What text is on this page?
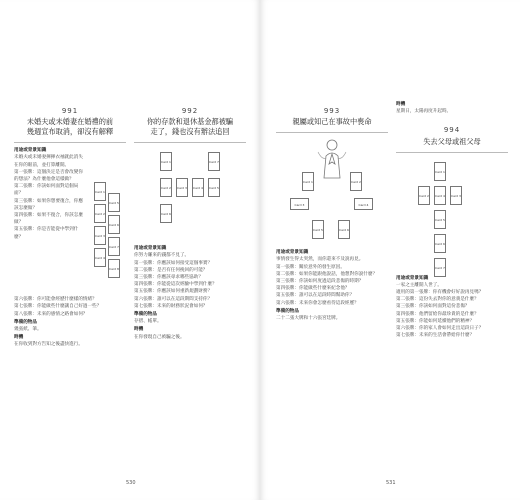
991
未婚夫或未婚妻在婚禮的前
幾週宣布取消，卻沒有解釋
用途或背景知識

未婚夫或未婚妻揮揮衣袖就此消失在你的眼前，並打算離開。

第一張牌：這個決定是否會改變你的想法？為什麼他會這樣做？

第二張牌：你該如何面對這個局面？

第三張牌：如果你想要復合，你應該怎麼做？

第四張牌：如果不復合，你該怎麼做？

第五張牌：你是否能從中學到什麼？

Card 1
Card 2
Card 3
Card 4
Card 5
Card 6
Card 7
Card 8

第六張牌：你可能會經歷什麼樣的情緒？

第七張牌：你能做些什麼讓自己好過一些？

第八張牌：未來的感情之路會如何？

準備的物品

幾張紙、筆。

時機

在你收到對方告知之後盡快進行。

992
你的存款和退休基金都被騙
走了，錢也沒有辦法追回
Card 1
Card 2	Card 3	Card 4	Card 5
Card 6
Card 7
用途或背景知識

你努力賺來的錢都不見了。

第一張牌：你應該如何接受這個事實？

第二張牌：是否有任何挽回的可能？

第三張牌：你應該尋求哪些協助？

第四張牌：你能從這次經驗中學到什麼？

第五張牌：你應該如何重新規劃財務？

第六張牌：誰可以在這段期間支持你？

第七張牌：未來的財務狀況會如何？

準備的物品

存摺、帳單。

時機

在你發現自己被騙之後。

530
993
親屬或知己在事故中喪命
Card 1	Card 2
Card 3	Card 4
Card 5	Card 6
用途或背景知識

事情發生得太突然，而你還來不及說再見。

第一張牌：關於意外的發生原因。

第二張牌：如果你能跟他說話，他想對你說什麼？

第三張牌：你該如何度過這段悲傷的時期？

第四張牌：你能做些什麼來紀念他？

第五張牌：誰可以在這段時間幫助你？

第六張牌：未來你會怎麼看待這段經歷？

準備的物品

二十二張大牌和十六張宮廷牌。

時機

星期日，太陽再度升起時。

994
失去父母或祖父母
Card 1
Card 2	Card 3
Card 4
Card 5
Card 6
Card 7
用途或背景知識

一家之主離開人世了。

適用的第一張牌：你有機會好好說再見嗎？

第二張牌：這份失去對你的意義是什麼？

第三張牌：你該如何面對這份悲傷？

第四張牌：他們留給你最珍貴的是什麼？

第五張牌：你能如何延續他們的精神？

第六張牌：你的家人會如何走出這段日子？

第七張牌：未來的生活會帶給你什麼？

531
